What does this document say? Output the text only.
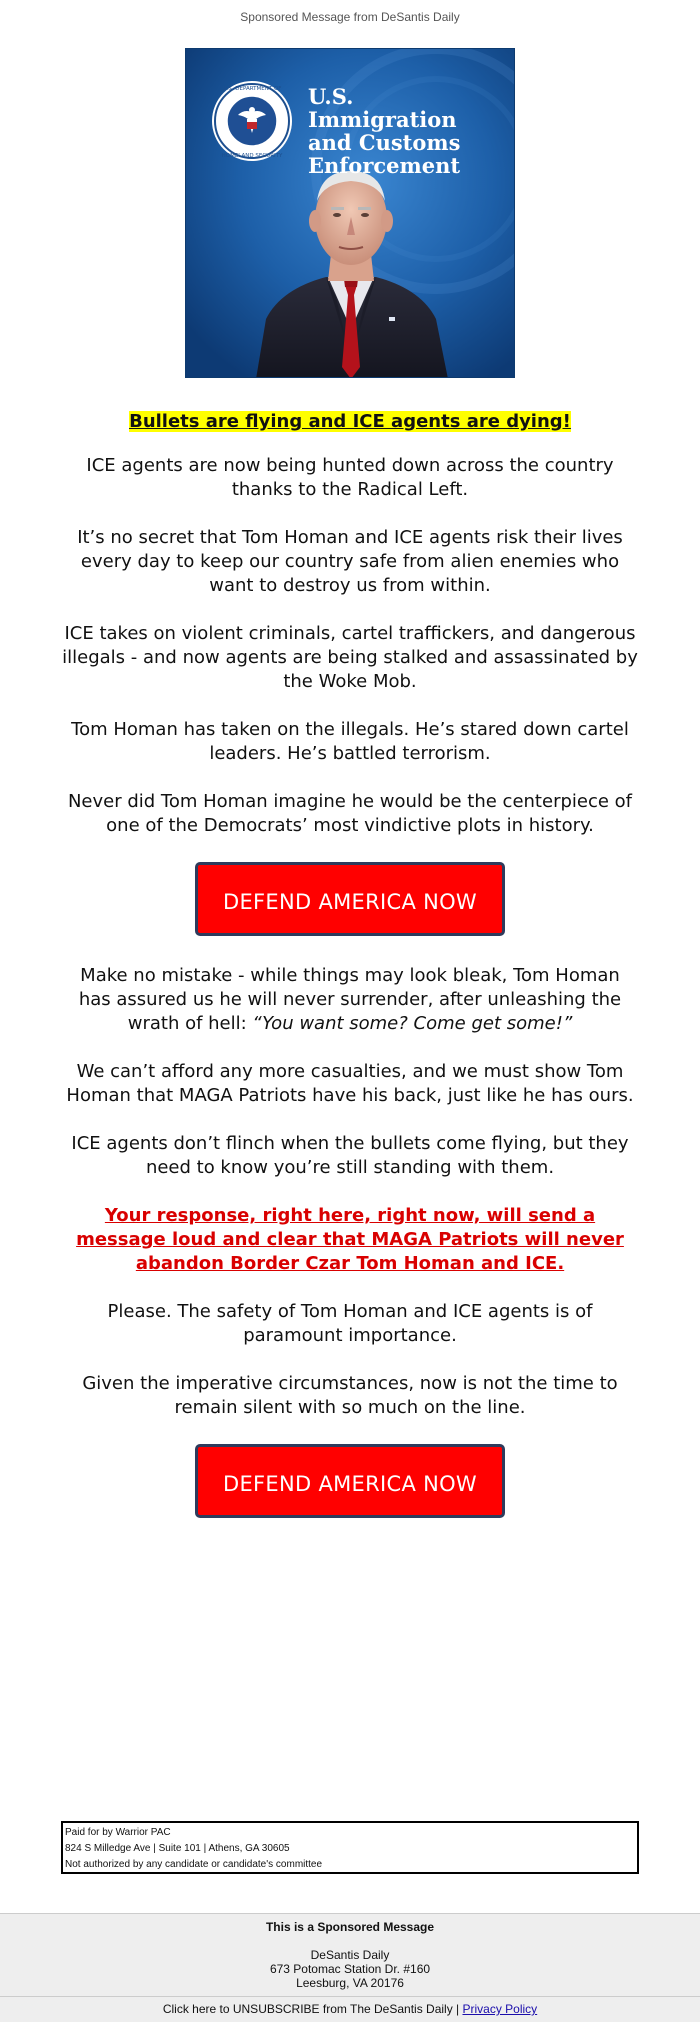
Sponsored Message from DeSantis Daily
U.S. DEPARTMENT OF
HOMELAND SECURITY
U.S. Immigration
and Customs
Enforcement

Bullets are flying and ICE agents are dying!

ICE agents are now being hunted down across the country thanks to the Radical Left.

It’s no secret that Tom Homan and ICE agents risk their lives every day to keep our country safe from alien enemies who want to destroy us from within.

ICE takes on violent criminals, cartel traffickers, and dangerous illegals - and now agents are being stalked and assassinated by the Woke Mob.

Tom Homan has taken on the illegals. He’s stared down cartel leaders. He’s battled terrorism.

Never did Tom Homan imagine he would be the centerpiece of one of the Democrats’ most vindictive plots in history.

DEFEND AMERICA NOW

Make no mistake - while things may look bleak, Tom Homan has assured us he will never surrender, after unleashing the wrath of hell: “You want some? Come get some!”

We can’t afford any more casualties, and we must show Tom Homan that MAGA Patriots have his back, just like he has ours.

ICE agents don’t flinch when the bullets come flying, but they need to know you’re still standing with them.

Your response, right here, right now, will send a message loud and clear that MAGA Patriots will never abandon Border Czar Tom Homan and ICE.

Please. The safety of Tom Homan and ICE agents is of paramount importance.

Given the imperative circumstances, now is not the time to remain silent with so much on the line.

DEFEND AMERICA NOW
Paid for by Warrior PAC
824 S Milledge Ave | Suite 101 | Athens, GA 30605
Not authorized by any candidate or candidate's committee
This is a Sponsored Message
DeSantis Daily
673 Potomac Station Dr. #160
Leesburg, VA 20176
Click here to UNSUBSCRIBE from The DeSantis Daily | Privacy Policy
